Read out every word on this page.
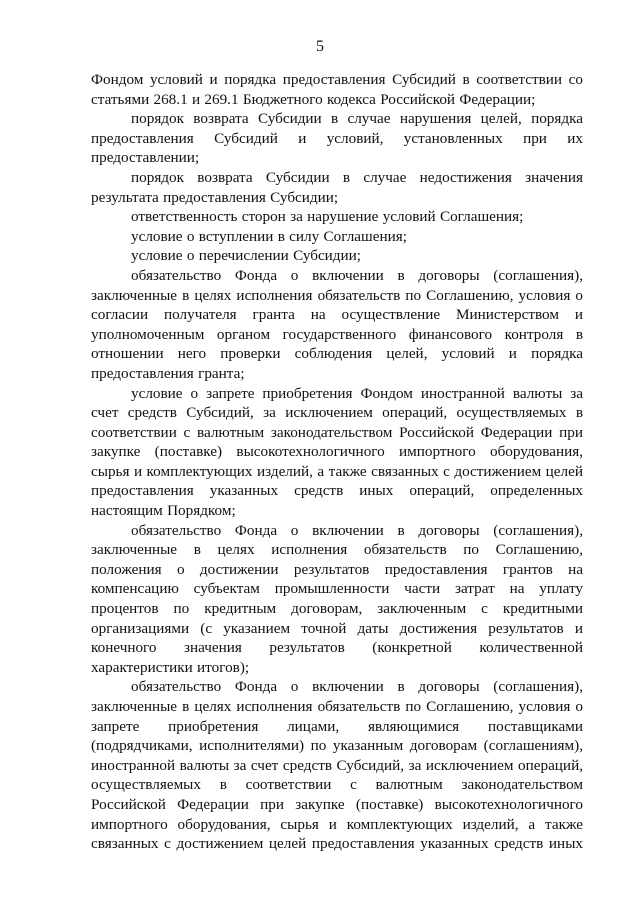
5

Фондом условий и порядка предоставления Субсидий в соответствии со статьями 268.1 и 269.1 Бюджетного кодекса Российской Федерации;

порядок возврата Субсидии в случае нарушения целей, порядка предоставления Субсидий и условий, установленных при их предоставлении;

порядок возврата Субсидии в случае недостижения значения результата предоставления Субсидии;

ответственность сторон за нарушение условий Соглашения;

условие о вступлении в силу Соглашения;

условие о перечислении Субсидии;

обязательство Фонда о включении в договоры (соглашения), заключенные в целях исполнения обязательств по Соглашению, условия о согласии получателя гранта на осуществление Министерством и уполномоченным органом государственного финансового контроля в отношении него проверки соблюдения целей, условий и порядка предоставления гранта;

условие о запрете приобретения Фондом иностранной валюты за счет средств Субсидий, за исключением операций, осуществляемых в соответствии с валютным законодательством Российской Федерации при закупке (поставке) высокотехнологичного импортного оборудования, сырья и комплектующих изделий, а также связанных с достижением целей предоставления указанных средств иных операций, определенных настоящим Порядком;

обязательство Фонда о включении в договоры (соглашения), заключенные в целях исполнения обязательств по Соглашению, положения о достижении результатов предоставления грантов на компенсацию субъектам промышленности части затрат на уплату процентов по кредитным договорам, заключенным с кредитными организациями (с указанием точной даты достижения результатов и конечного значения результатов (конкретной количественной характеристики итогов);

обязательство Фонда о включении в договоры (соглашения), заключенные в целях исполнения обязательств по Соглашению, условия о запрете приобретения лицами, являющимися поставщиками (подрядчиками, исполнителями) по указанным договорам (соглашениям), иностранной валюты за счет средств Субсидий, за исключением операций, осуществляемых в соответствии с валютным законодательством Российской Федерации при закупке (поставке) высокотехнологичного импортного оборудования, сырья и комплектующих изделий, а также связанных с достижением целей предоставления указанных средств иных
